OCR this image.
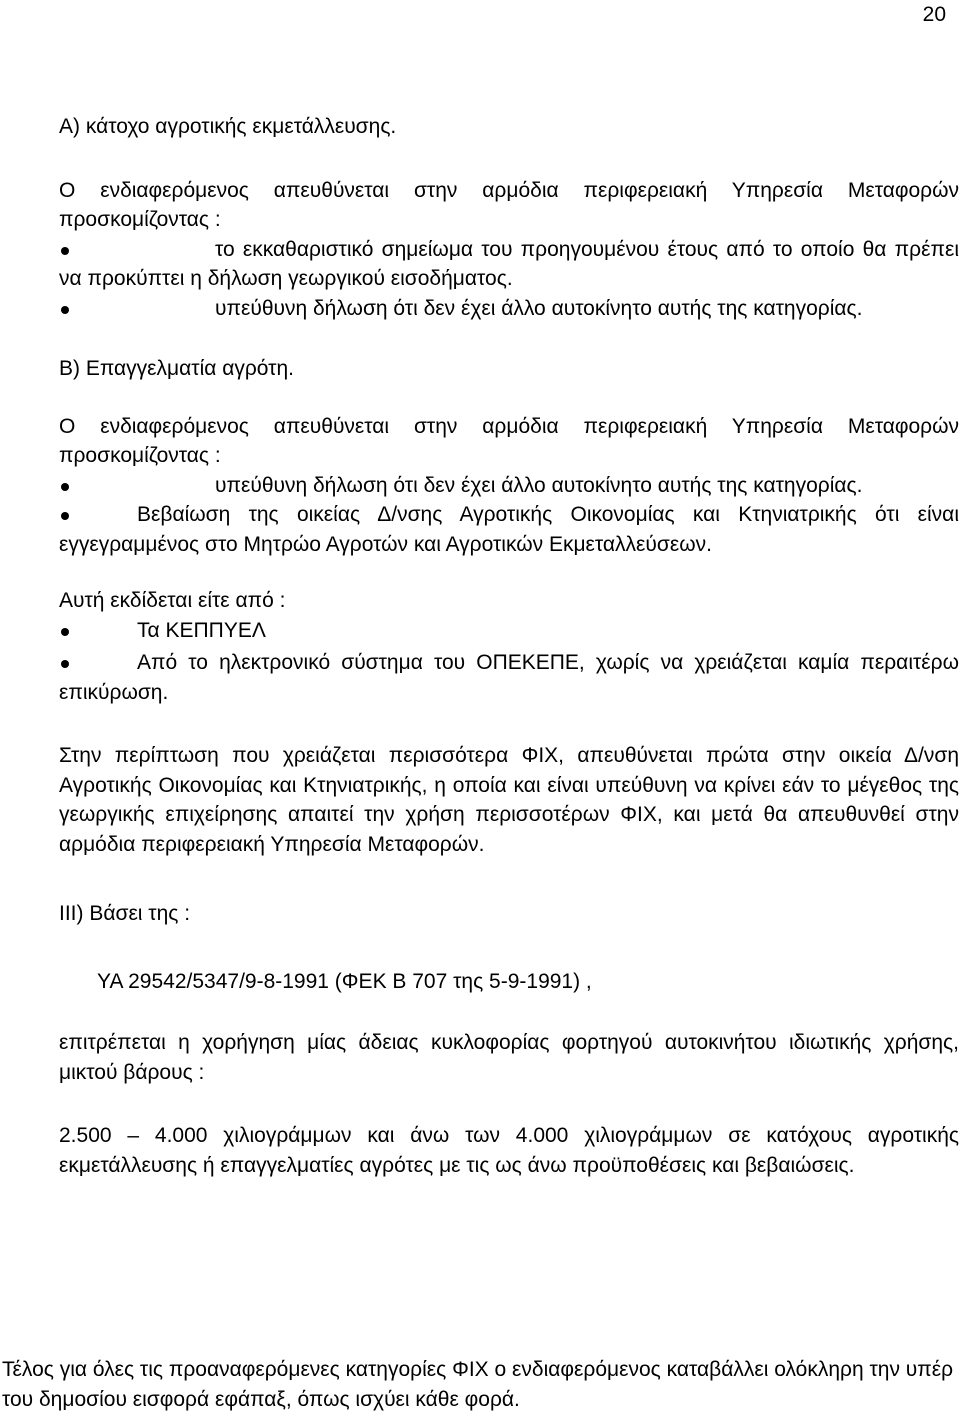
20

Α) κάτοχο αγροτικής εκμετάλλευσης.

Ο ενδιαφερόμενος απευθύνεται στην αρμόδια περιφερειακή Υπηρεσία Μεταφορών προσκομίζοντας :

το εκκαθαριστικό σημείωμα του προηγουμένου έτους από το οποίο θα πρέπει να προκύπτει η δήλωση γεωργικού εισοδήματος.
υπεύθυνη δήλωση ότι δεν έχει άλλο αυτοκίνητο αυτής της κατηγορίας.

Β) Επαγγελματία αγρότη.

Ο ενδιαφερόμενος απευθύνεται στην αρμόδια περιφερειακή Υπηρεσία Μεταφορών προσκομίζοντας :

υπεύθυνη δήλωση ότι δεν έχει άλλο αυτοκίνητο αυτής της κατηγορίας.
Βεβαίωση της οικείας Δ/νσης Αγροτικής Οικονομίας και Κτηνιατρικής ότι είναι εγγεγραμμένος στο Μητρώο Αγροτών και Αγροτικών Εκμεταλλεύσεων.

Αυτή εκδίδεται είτε από :

Τα ΚΕΠΠΥΕΛ
Από το ηλεκτρονικό σύστημα του ΟΠΕΚΕΠΕ, χωρίς να χρειάζεται καμία περαιτέρω επικύρωση.

Στην περίπτωση που χρειάζεται περισσότερα ΦΙΧ, απευθύνεται πρώτα στην οικεία Δ/νση Αγροτικής Οικονομίας και Κτηνιατρικής, η οποία και είναι υπεύθυνη να κρίνει εάν το μέγεθος της γεωργικής επιχείρησης απαιτεί την χρήση περισσοτέρων ΦΙΧ, και μετά θα απευθυνθεί στην αρμόδια περιφερειακή Υπηρεσία Μεταφορών.

ΙΙΙ) Βάσει της :

ΥΑ 29542/5347/9-8-1991 (ΦΕΚ Β 707 της 5-9-1991) ,

επιτρέπεται η χορήγηση μίας άδειας κυκλοφορίας φορτηγού αυτοκινήτου ιδιωτικής χρήσης, μικτού βάρους :

2.500 – 4.000 χιλιογράμμων και άνω των 4.000 χιλιογράμμων σε κατόχους αγροτικής εκμετάλλευσης ή επαγγελματίες αγρότες με τις ως άνω προϋποθέσεις και βεβαιώσεις.

Τέλος για όλες τις προαναφερόμενες κατηγορίες ΦΙΧ ο ενδιαφερόμενος καταβάλλει ολόκληρη την υπέρ του δημοσίου εισφορά εφάπαξ, όπως ισχύει κάθε φορά.
